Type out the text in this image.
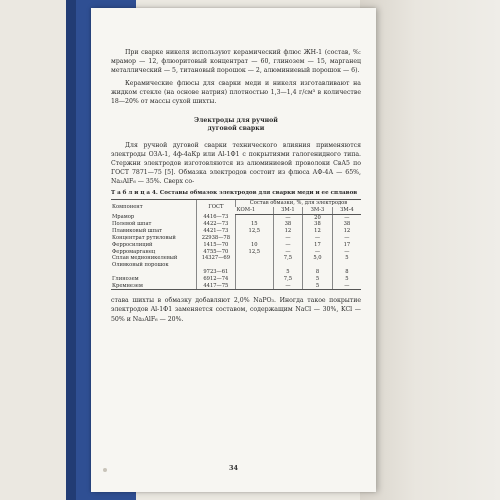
При сварке никеля используют керамический флюс ЖН-1 (состав, %: мрамор — 12, флюоритовый концентрат — 60, глинозем — 15, марганец металлический — 5, титановый порошок — 2, алюминиевый порошок — 6).

Керамические флюсы для сварки меди и никеля изготавливают на жидком стекле (на основе натрия) плотностью 1,3—1,4 г/см³ в количестве 18—20% от массы сухой шихты.

Электроды для ручной
дуговой сварки

Для ручной дуговой сварки технического влияния применяются электроды ОЗА-1, 4ф-4аКр или Al-1Ф1 с покрытиями галогенидного типа. Стержни электродов изготовляются из алюминиевой проволоки СвА5 по ГОСТ 7871—75 [5]. Обмазка электродов состоит из флюса АФ-4А — 65%, Na₃AlF₆ — 35%. Сверх со-

Т а б л и ц а 4. Составы обмазок электродов для сварки меди и ее сплавов
Компонент	ГОСТ	Состав обмазки, %, для электродов			
		КОМ-1	ЗМ-1	ЗМ-3	ЗМ-4
Мрамор	4416—73		—	20	—
Полевой шпат	4422—73	15	38	38	38
Плавиковый шпат	4421—73	12,5	12	12	12
Концентрат рутиловый	22938—78		—	—	—
Ферросилиций	1415—70	10	—	17	17
Ферромарганец	4755—70	12,5	—	—	—
Сплав медноникелевый	14327—69		7,5	5,0	5
Оливковый порошок					
	9723—61		5	8	8
Глинозем	6912—74		7,5	5	5
Кремнезем	4417—75		—	5	—

става шихты в обмазку добавляют 2,0% NaPO₃. Иногда такое покрытие электродов Al-1Ф1 заменяется составом, содержащим NaCl — 30%, KCl — 50% и Na₃AlF₆ — 20%.

34
